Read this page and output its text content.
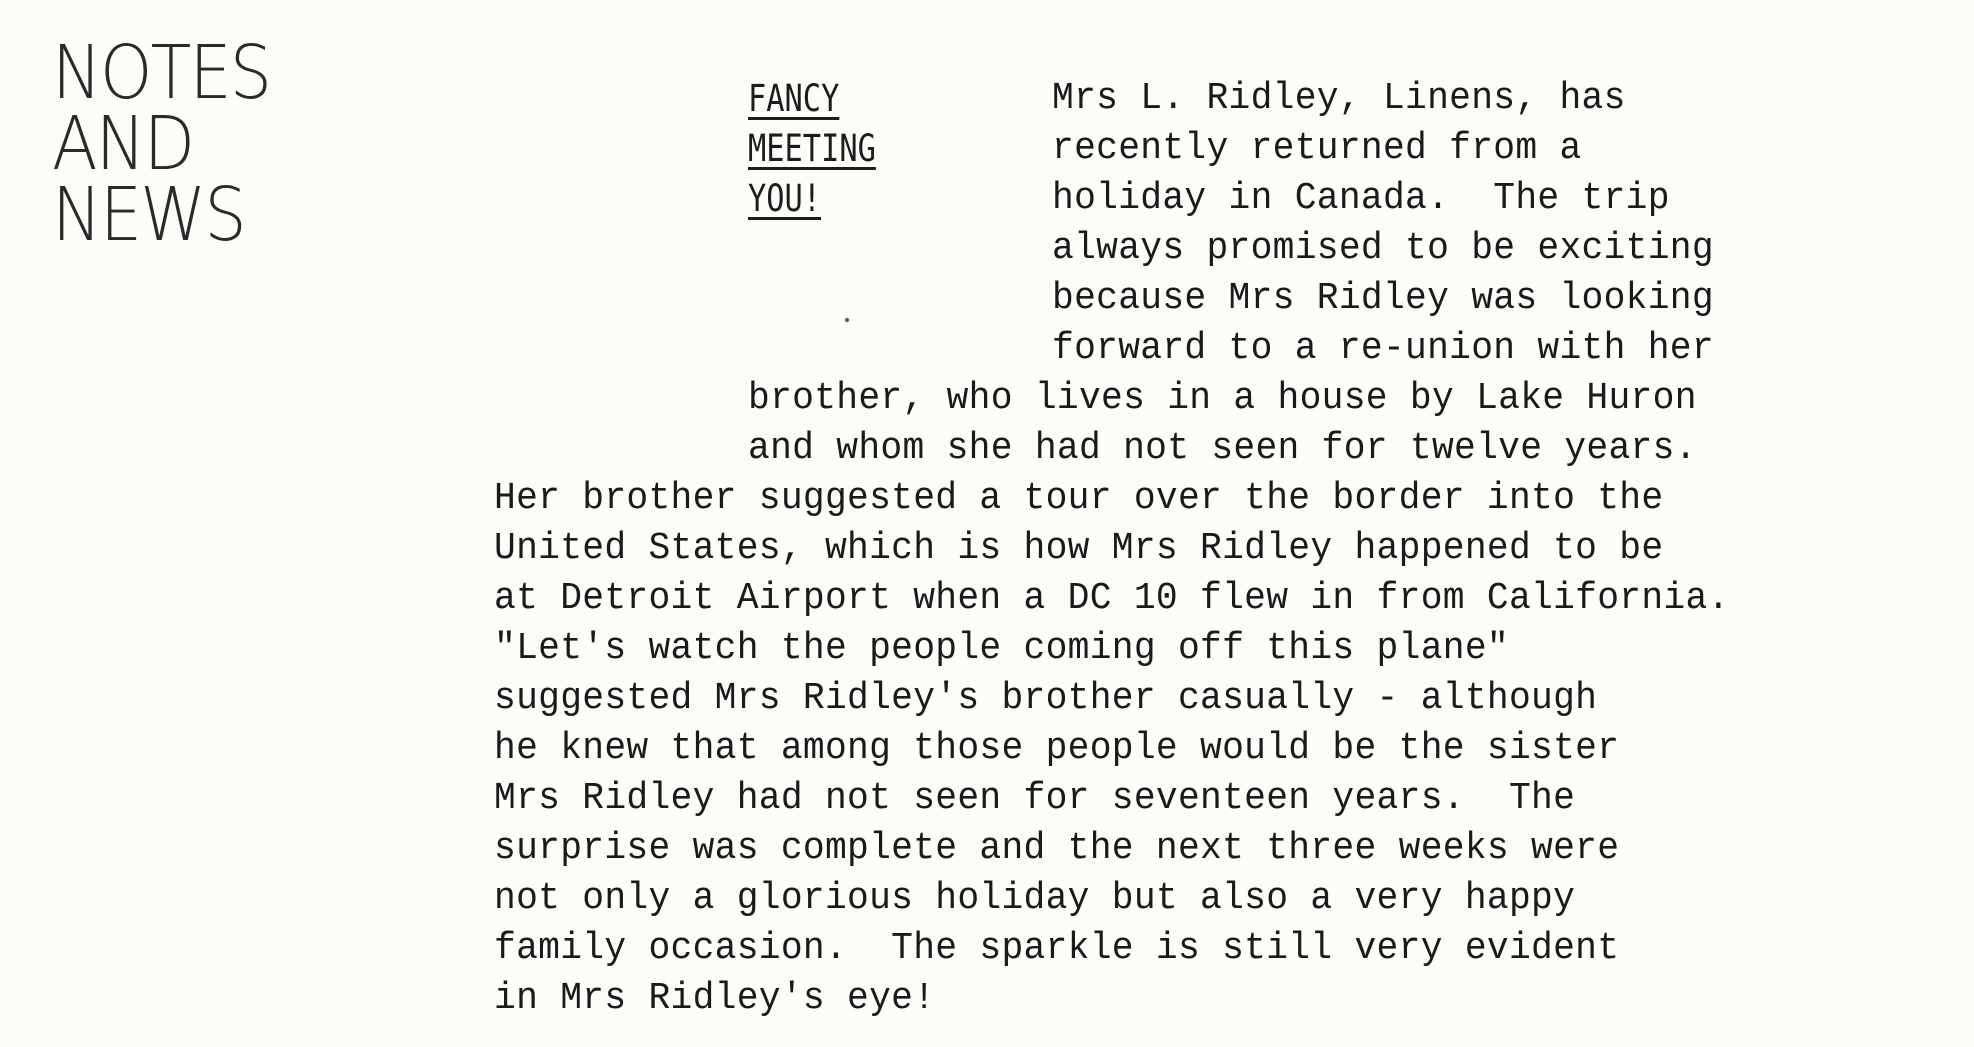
NOTES
AND
NEWS
FANCY
MEETING
YOU!
Mrs L. Ridley, Linens, has
recently returned from a
holiday in Canada.  The trip
always promised to be exciting
because Mrs Ridley was looking
forward to a re-union with her
brother, who lives in a house by Lake Huron
and whom she had not seen for twelve years.
Her brother suggested a tour over the border into the
United States, which is how Mrs Ridley happened to be
at Detroit Airport when a DC 10 flew in from California.
"Let's watch the people coming off this plane"
suggested Mrs Ridley's brother casually - although
he knew that among those people would be the sister
Mrs Ridley had not seen for seventeen years.  The
surprise was complete and the next three weeks were
not only a glorious holiday but also a very happy
family occasion.  The sparkle is still very evident
in Mrs Ridley's eye!
